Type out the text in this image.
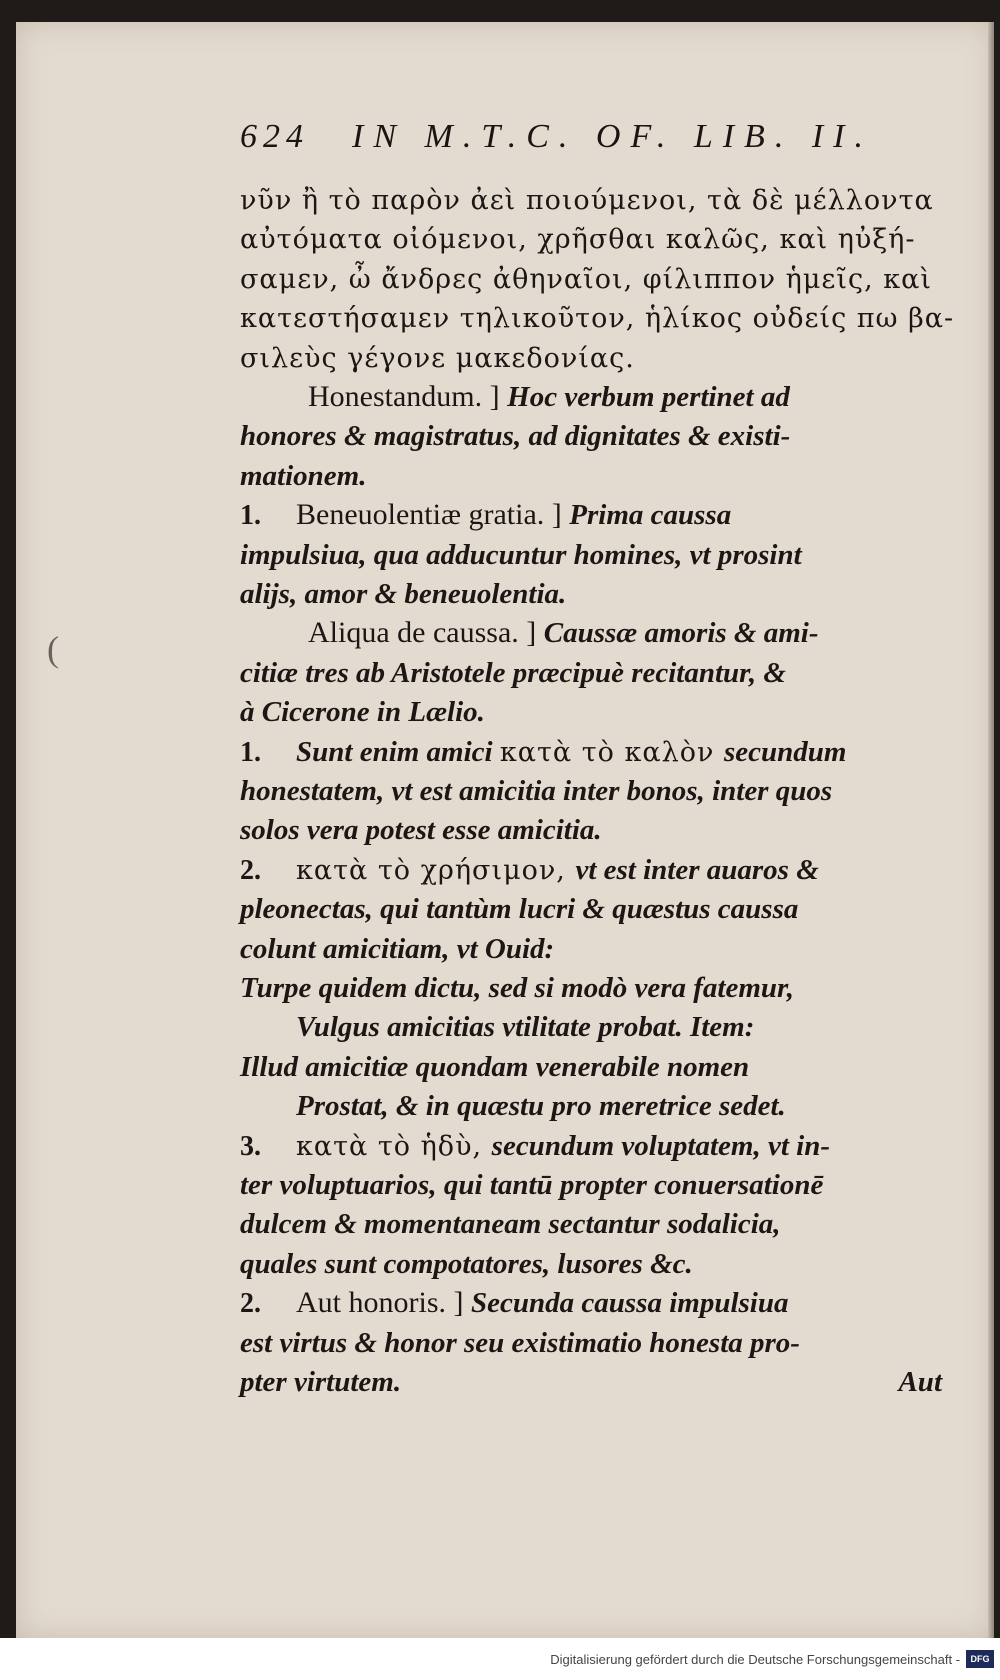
624 IN M.T.C. OF. LIB. II.
(
νῦν ἢ τὸ παρὸν ἀεὶ ποιούμενοι, τὰ δὲ μέλλοντα
αὐτόματα οἰόμενοι, χρῆσθαι καλῶς, καὶ ηὐξή-
σαμεν, ὦ ἄνδρες ἀθηναῖοι, φίλιππον ἡμεῖς, καὶ
κατεστήσαμεν τηλικοῦτον, ἡλίκος οὐδείς πω βα-
σιλεὺς γέγονε μακεδονίας.
Honestandum. ] Hoc verbum pertinet ad
honores & magistratus, ad dignitates & existi-
mationem.
1. Beneuolentiæ gratia. ] Prima caussa
impulsiua, qua adducuntur homines, vt prosint
alijs, amor & beneuolentia.
Aliqua de caussa. ] Caussæ amoris & ami-
citiæ tres ab Aristotele præcipuè recitantur, &
à Cicerone in Lælio.
1. Sunt enim amici κατὰ τὸ καλὸν secundum
honestatem, vt est amicitia inter bonos, inter quos
solos vera potest esse amicitia.
2. κατὰ τὸ χρήσιμον, vt est inter auaros &
pleonectas, qui tantùm lucri & quæstus caussa
colunt amicitiam, vt Ouid:
Turpe quidem dictu, sed si modò vera fatemur,
Vulgus amicitias vtilitate probat. Item:
Illud amicitiæ quondam venerabile nomen
Prostat, & in quæstu pro meretrice sedet.
3. κατὰ τὸ ἡδὺ, secundum voluptatem, vt in-
ter voluptuarios, qui tantū propter conuersationē
dulcem & momentaneam sectantur sodalicia,
quales sunt compotatores, lusores &c.
2. Aut honoris. ] Secunda caussa impulsiua
est virtus & honor seu existimatio honesta pro-
pter virtutem.	Aut
Digitalisierung gefördert durch die Deutsche Forschungsgemeinschaft -	DFG
